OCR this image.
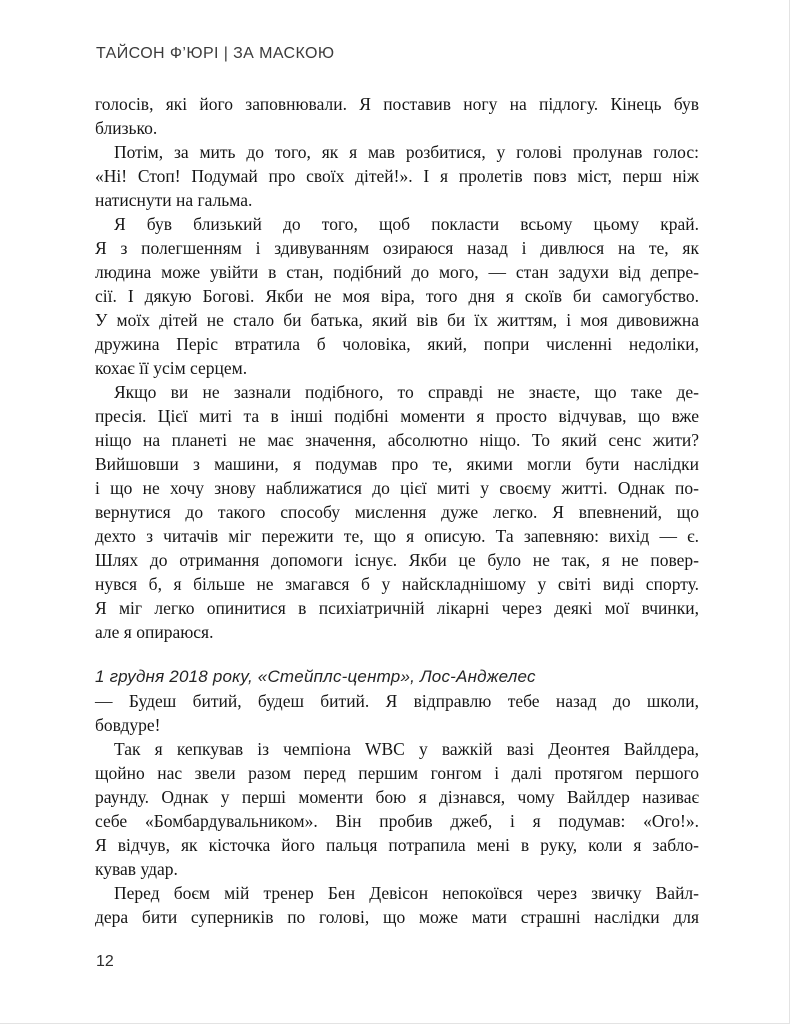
ТАЙСОН Ф’ЮРІ | ЗА МАСКОЮ
голосів, які його заповнювали. Я поставив ногу на підлогу. Кінець був
близько.
Потім, за мить до того, як я мав розбитися, у голові пролунав голос:
«Ні! Стоп! Подумай про своїх дітей!». І я пролетів повз міст, перш ніж
натиснути на гальма.
Я був близький до того, щоб покласти всьому цьому край.
Я з полегшенням і здивуванням озираюся назад і дивлюся на те, як
людина може увійти в стан, подібний до мого, — стан задухи від депре-
сії. І дякую Богові. Якби не моя віра, того дня я скоїв би самогубство.
У моїх дітей не стало би батька, який вів би їх життям, і моя дивовижна
дружина Періс втратила б чоловіка, який, попри численні недоліки,
кохає її усім серцем.
Якщо ви не зазнали подібного, то справді не знаєте, що таке де-
пресія. Цієї миті та в інші подібні моменти я просто відчував, що вже
ніщо на планеті не має значення, абсолютно ніщо. То який сенс жити?
Вийшовши з машини, я подумав про те, якими могли бути наслідки
і що не хочу знову наближатися до цієї миті у своєму житті. Однак по-
вернутися до такого способу мислення дуже легко. Я впевнений, що
дехто з читачів міг пережити те, що я описую. Та запевняю: вихід — є.
Шлях до отримання допомоги існує. Якби це було не так, я не повер-
нувся б, я більше не змагався б у найскладнішому у світі виді спорту.
Я міг легко опинитися в психіатричній лікарні через деякі мої вчинки,
але я опираюся.
1 грудня 2018 року, «Стейплс-центр», Лос-Анджелес
— Будеш битий, будеш битий. Я відправлю тебе назад до школи,
бовдуре!
Так я кепкував із чемпіона WBC у важкій вазі Деонтея Вайлдера,
щойно нас звели разом перед першим гонгом і далі протягом першого
раунду. Однак у перші моменти бою я дізнався, чому Вайлдер називає
себе «Бомбардувальником». Він пробив джеб, і я подумав: «Ого!».
Я відчув, як кісточка його пальця потрапила мені в руку, коли я забло-
кував удар.
Перед боєм мій тренер Бен Девісон непокоївся через звичку Вайл-
дера бити суперників по голові, що може мати страшні наслідки для
12
